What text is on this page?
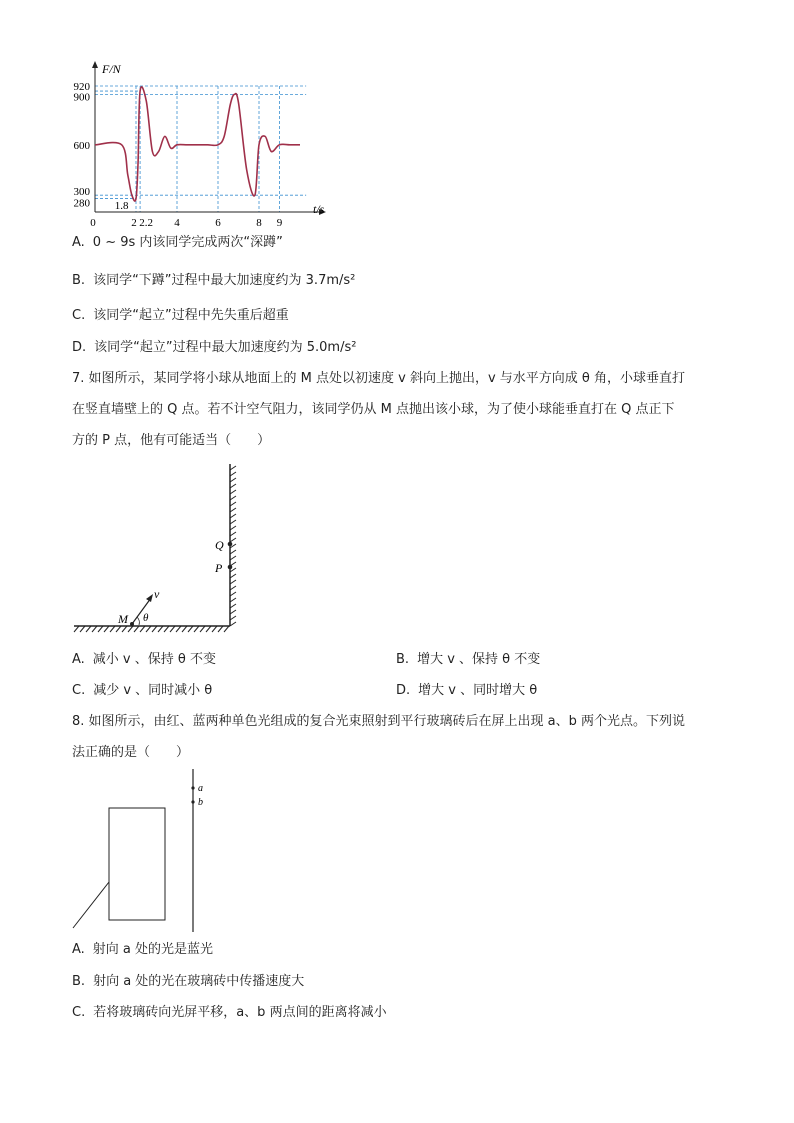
F/N
t/s
920
900
600
300
280
0
1.8
2 2.2 4	6	8 9
A. 0 ~ 9s 内该同学完成两次“深蹲”
B. 该同学“下蹲”过程中最大加速度约为 3.7m/s²
C. 该同学“起立”过程中先失重后超重
D. 该同学“起立”过程中最大加速度约为 5.0m/s²
7. 如图所示，某同学将小球从地面上的 M 点处以初速度 v 斜向上抛出，v 与水平方向成 θ 角，小球垂直打
在竖直墙壁上的 Q 点。若不计空气阻力，该同学仍从 M 点抛出该小球，为了使小球能垂直打在 Q 点正下
方的 P 点，他有可能适当（　　）
Q
P
M
v
θ
A. 减小 v 、保持 θ 不变	B. 增大 v 、保持 θ 不变
C. 减少 v 、同时减小 θ	D. 增大 v 、同时增大 θ
8. 如图所示，由红、蓝两种单色光组成的复合光束照射到平行玻璃砖后在屏上出现 a、b 两个光点。下列说
法正确的是（　　）
a
b
A. 射向 a 处的光是蓝光
B. 射向 a 处的光在玻璃砖中传播速度大
C. 若将玻璃砖向光屏平移，a、b 两点间的距离将减小
